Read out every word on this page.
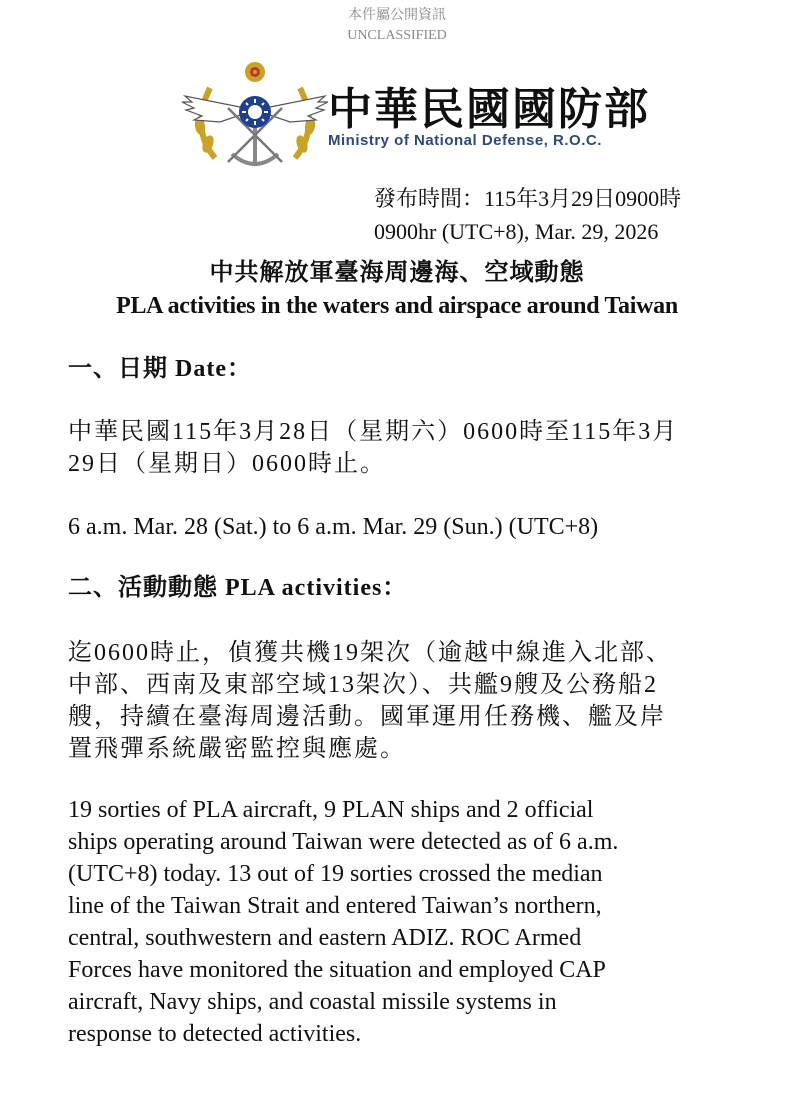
本件屬公開資訊
UNCLASSIFIED
中華民國國防部
Ministry of National Defense, R.O.C.
發布時間：115年3月29日0900時
0900hr (UTC+8), Mar. 29, 2026
中共解放軍臺海周邊海、空域動態
PLA activities in the waters and airspace around Taiwan
一、日期 Date：
中華民國115年3月28日（星期六）0600時至115年3月
29日（星期日）0600時止。
6 a.m. Mar. 28 (Sat.) to 6 a.m. Mar. 29 (Sun.) (UTC+8)
二、活動動態 PLA activities：
迄0600時止，偵獲共機19架次（逾越中線進入北部、
中部、西南及東部空域13架次）、共艦9艘及公務船2
艘，持續在臺海周邊活動。國軍運用任務機、艦及岸
置飛彈系統嚴密監控與應處。
19 sorties of PLA aircraft, 9 PLAN ships and 2 official
ships operating around Taiwan were detected as of 6 a.m.
(UTC+8) today. 13 out of 19 sorties crossed the median
line of the Taiwan Strait and entered Taiwan’s northern,
central, southwestern and eastern ADIZ. ROC Armed
Forces have monitored the situation and employed CAP
aircraft, Navy ships, and coastal missile systems in
response to detected activities.
